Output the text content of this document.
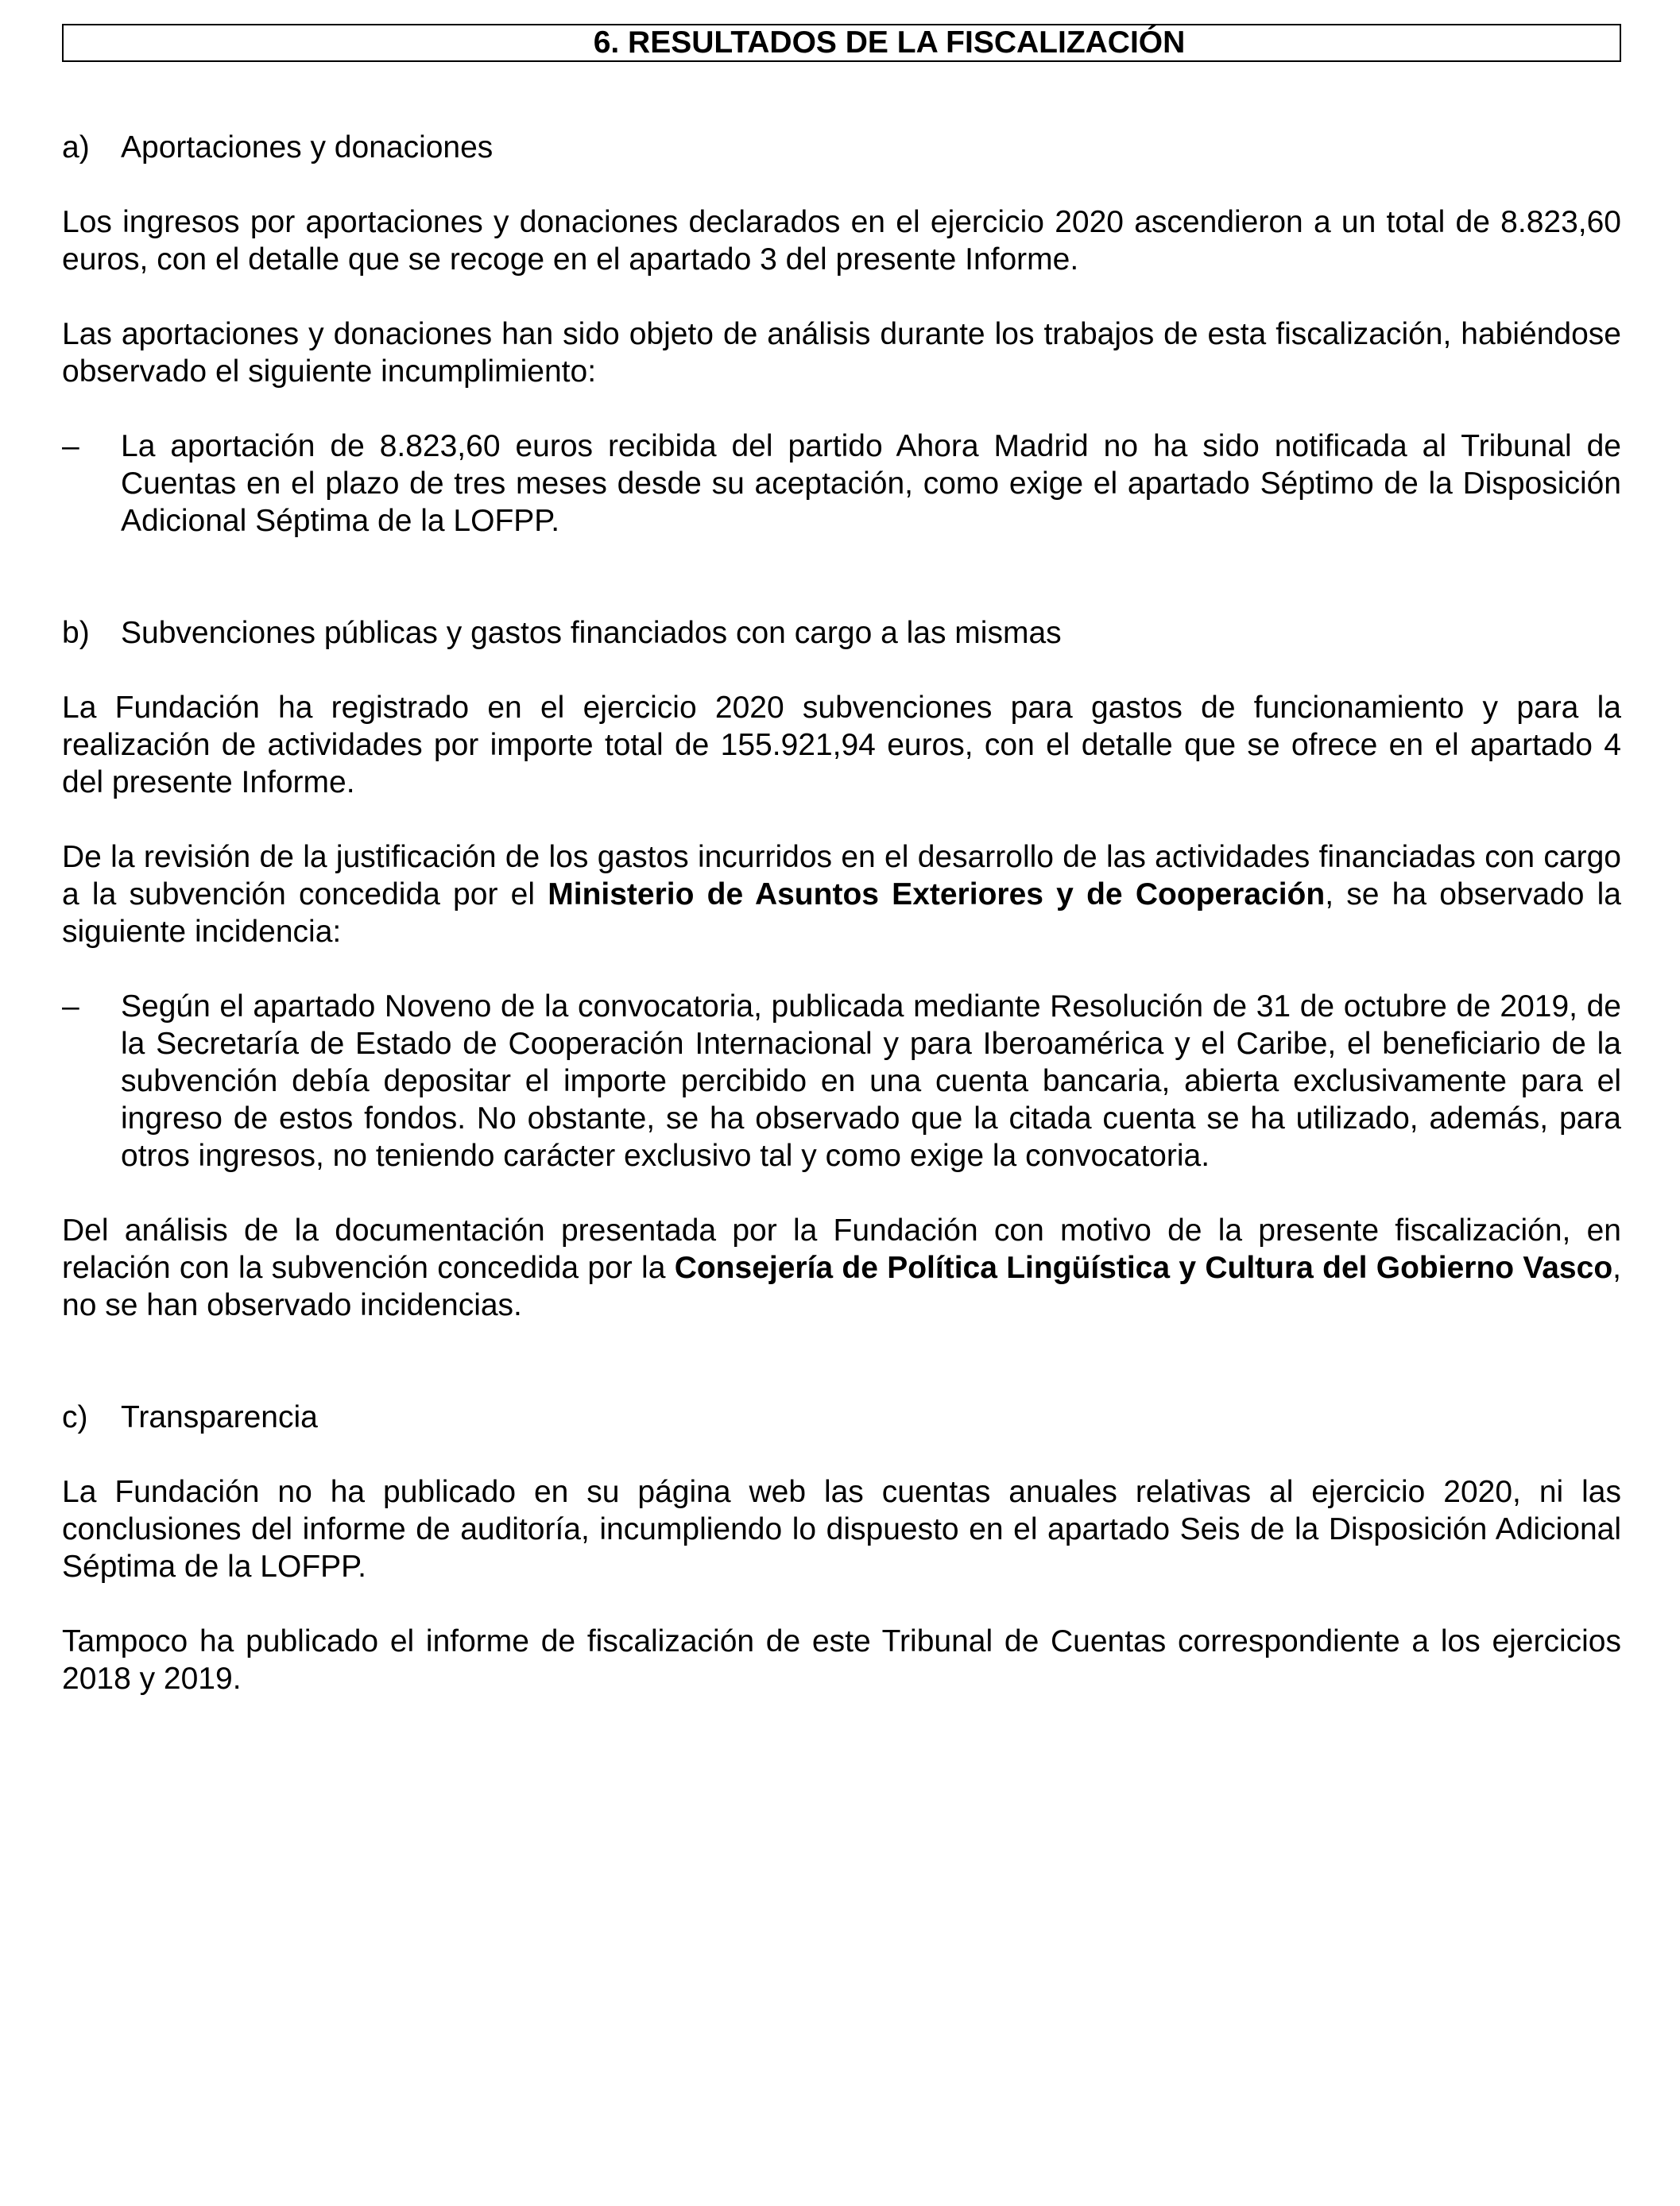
6. RESULTADOS DE LA FISCALIZACIÓN
a)	Aportaciones y donaciones

Los ingresos por aportaciones y donaciones declarados en el ejercicio 2020 ascendieron a un total de 8.823,60 euros, con el detalle que se recoge en el apartado 3 del presente Informe.

Las aportaciones y donaciones han sido objeto de análisis durante los trabajos de esta fiscalización, habiéndose observado el siguiente incumplimiento:

–	La aportación de 8.823,60 euros recibida del partido Ahora Madrid no ha sido notificada al Tribunal de Cuentas en el plazo de tres meses desde su aceptación, como exige el apartado Séptimo de la Disposición Adicional Séptima de la LOFPP.
b)	Subvenciones públicas y gastos financiados con cargo a las mismas

La Fundación ha registrado en el ejercicio 2020 subvenciones para gastos de funcionamiento y para la realización de actividades por importe total de 155.921,94 euros, con el detalle que se ofrece en el apartado 4 del presente Informe.

De la revisión de la justificación de los gastos incurridos en el desarrollo de las actividades financiadas con cargo a la subvención concedida por el Ministerio de Asuntos Exteriores y de Cooperación, se ha observado la siguiente incidencia:

–	Según el apartado Noveno de la convocatoria, publicada mediante Resolución de 31 de octubre de 2019, de la Secretaría de Estado de Cooperación Internacional y para Iberoamérica y el Caribe, el beneficiario de la subvención debía depositar el importe percibido en una cuenta bancaria, abierta exclusivamente para el ingreso de estos fondos. No obstante, se ha observado que la citada cuenta se ha utilizado, además, para otros ingresos, no teniendo carácter exclusivo tal y como exige la convocatoria.

Del análisis de la documentación presentada por la Fundación con motivo de la presente fiscalización, en relación con la subvención concedida por la Consejería de Política Lingüística y Cultura del Gobierno Vasco, no se han observado incidencias.

c)	Transparencia

La Fundación no ha publicado en su página web las cuentas anuales relativas al ejercicio 2020, ni las conclusiones del informe de auditoría, incumpliendo lo dispuesto en el apartado Seis de la Disposición Adicional Séptima de la LOFPP.

Tampoco ha publicado el informe de fiscalización de este Tribunal de Cuentas correspondiente a los ejercicios 2018 y 2019.
